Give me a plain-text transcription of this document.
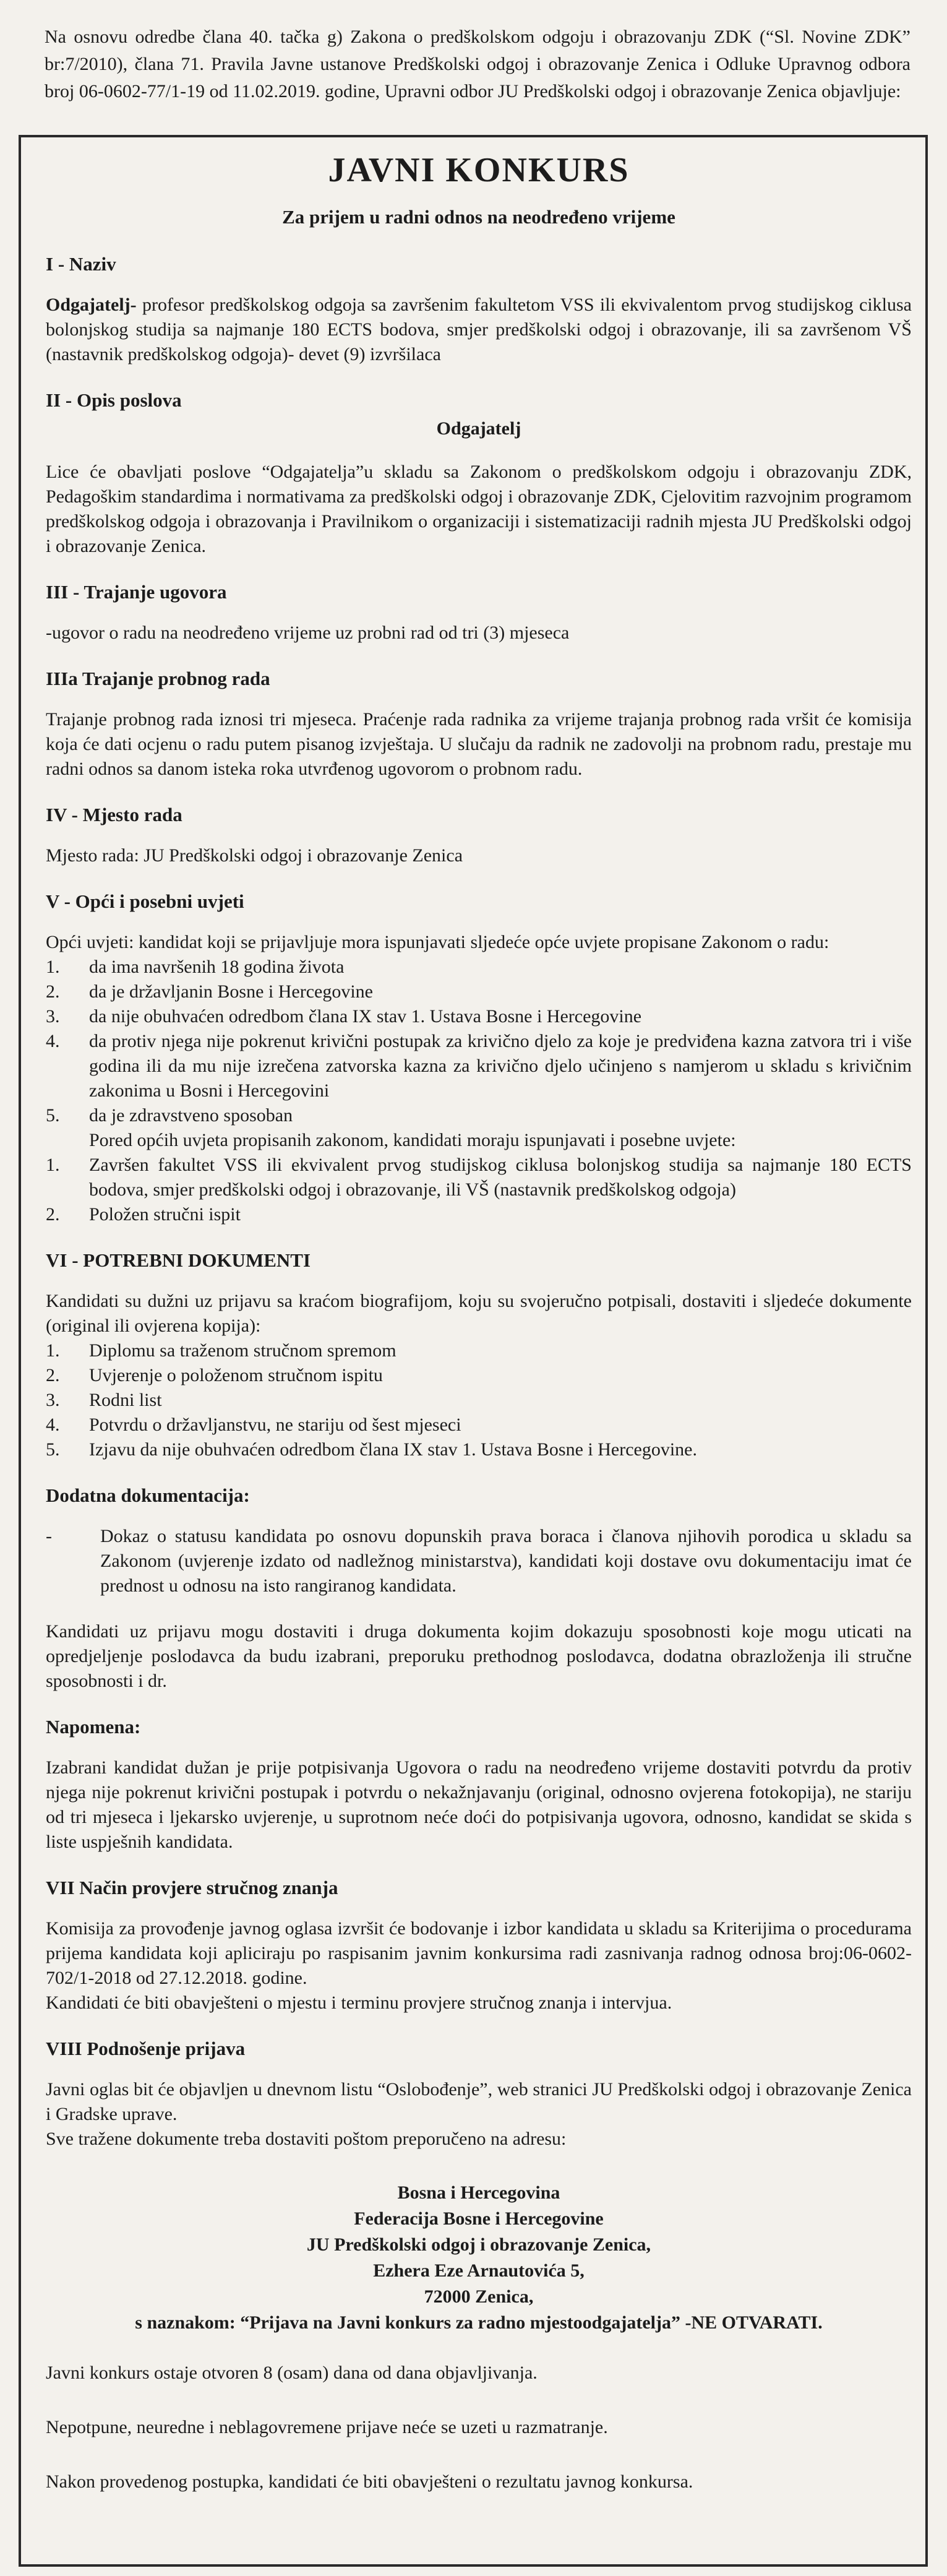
Na osnovu odredbe člana 40. tačka g) Zakona o predškolskom odgoju i obrazovanju ZDK (“Sl. Novine ZDK” br:7/2010), člana 71. Pravila Javne ustanove Predškolski odgoj i obrazovanje Zenica i Odluke Upravnog odbora broj 06-0602-77/1-19 od 11.02.2019. godine, Upravni odbor JU Predškolski odgoj i obrazovanje Zenica objavljuje:

JAVNI KONKURS

Za prijem u radni odnos na neodređeno vrijeme

I - Naziv

Odgajatelj- profesor predškolskog odgoja sa završenim fakultetom VSS ili ekvivalentom prvog studijskog ciklusa bolonjskog studija sa najmanje 180 ECTS bodova, smjer predškolski odgoj i obrazovanje, ili sa završenom VŠ (nastavnik predškolskog odgoja)- devet (9) izvršilaca

II - Opis poslova

Odgajatelj

Lice će obavljati poslove “Odgajatelja”u skladu sa Zakonom o predškolskom odgoju i obrazovanju ZDK, Pedagoškim standardima i normativama za predškolski odgoj i obrazovanje ZDK, Cjelovitim razvojnim programom predškolskog odgoja i obrazovanja i Pravilnikom o organizaciji i sistematizaciji radnih mjesta JU Predškolski odgoj i obrazovanje Zenica.

III - Trajanje ugovora

-ugovor o radu na neodređeno vrijeme uz probni rad od tri (3) mjeseca

IIIa Trajanje probnog rada

Trajanje probnog rada iznosi tri mjeseca. Praćenje rada radnika za vrijeme trajanja probnog rada vršit će komisija koja će dati ocjenu o radu putem pisanog izvještaja. U slučaju da radnik ne zadovolji na probnom radu, prestaje mu radni odnos sa danom isteka roka utvrđenog ugovorom o probnom radu.

IV - Mjesto rada

Mjesto rada: JU Predškolski odgoj i obrazovanje Zenica

V - Opći i posebni uvjeti

Opći uvjeti: kandidat koji se prijavljuje mora ispunjavati sljedeće opće uvjete propisane Zakonom o radu:

1.	da ima navršenih 18 godina života
2.	da je državljanin Bosne i Hercegovine
3.	da nije obuhvaćen odredbom člana IX stav 1. Ustava Bosne i Hercegovine
4.	da protiv njega nije pokrenut krivični postupak za krivično djelo za koje je predviđena kazna zatvora tri i više godina ili da mu nije izrečena zatvorska kazna za krivično djelo učinjeno s namjerom u skladu s krivičnim zakonima u Bosni i Hercegovini
5.	da je zdravstveno sposoban

Pored općih uvjeta propisanih zakonom, kandidati moraju ispunjavati i posebne uvjete:

1.	Završen fakultet VSS ili ekvivalent prvog studijskog ciklusa bolonjskog studija sa najmanje 180 ECTS bodova, smjer predškolski odgoj i obrazovanje, ili VŠ (nastavnik predškolskog odgoja)
2.	Položen stručni ispit

VI - POTREBNI DOKUMENTI

Kandidati su dužni uz prijavu sa kraćom biografijom, koju su svojeručno potpisali, dostaviti i sljedeće dokumente (original ili ovjerena kopija):

1.	Diplomu sa traženom stručnom spremom
2.	Uvjerenje o položenom stručnom ispitu
3.	Rodni list
4.	Potvrdu o državljanstvu, ne stariju od šest mjeseci
5.	Izjavu da nije obuhvaćen odredbom člana IX stav 1. Ustava Bosne i Hercegovine.

Dodatna dokumentacija:

-	Dokaz o statusu kandidata po osnovu dopunskih prava boraca i članova njihovih porodica u skladu sa Zakonom (uvjerenje izdato od nadležnog ministarstva), kandidati koji dostave ovu dokumentaciju imat će prednost u odnosu na isto rangiranog kandidata.

Kandidati uz prijavu mogu dostaviti i druga dokumenta kojim dokazuju sposobnosti koje mogu uticati na opredjeljenje poslodavca da budu izabrani, preporuku prethodnog poslodavca, dodatna obrazloženja ili stručne sposobnosti i dr.

Napomena:

Izabrani kandidat dužan je prije potpisivanja Ugovora o radu na neodređeno vrijeme dostaviti potvrdu da protiv njega nije pokrenut krivični postupak i potvrdu o nekažnjavanju (original, odnosno ovjerena fotokopija), ne stariju od tri mjeseca i ljekarsko uvjerenje, u suprotnom neće doći do potpisivanja ugovora, odnosno, kandidat se skida s liste uspješnih kandidata.

VII Način provjere stručnog znanja

Komisija za provođenje javnog oglasa izvršit će bodovanje i izbor kandidata u skladu sa Kriterijima o procedurama prijema kandidata koji apliciraju po raspisanim javnim konkursima radi zasnivanja radnog odnosa broj:06-0602-702/1-2018 od 27.12.2018. godine.

Kandidati će biti obavješteni o mjestu i terminu provjere stručnog znanja i intervjua.

VIII Podnošenje prijava

Javni oglas bit će objavljen u dnevnom listu “Oslobođenje”, web stranici JU Predškolski odgoj i obrazovanje Zenica i Gradske uprave.

Sve tražene dokumente treba dostaviti poštom preporučeno na adresu:

Bosna i Hercegovina

Federacija Bosne i Hercegovine

JU Predškolski odgoj i obrazovanje Zenica,

Ezhera Eze Arnautovića 5,

72000 Zenica,

s naznakom: “Prijava na Javni konkurs za radno mjestoodgajatelja” -NE OTVARATI.

Javni konkurs ostaje otvoren 8 (osam) dana od dana objavljivanja.

Nepotpune, neuredne i neblagovremene prijave neće se uzeti u razmatranje.

Nakon provedenog postupka, kandidati će biti obavješteni o rezultatu javnog konkursa.
